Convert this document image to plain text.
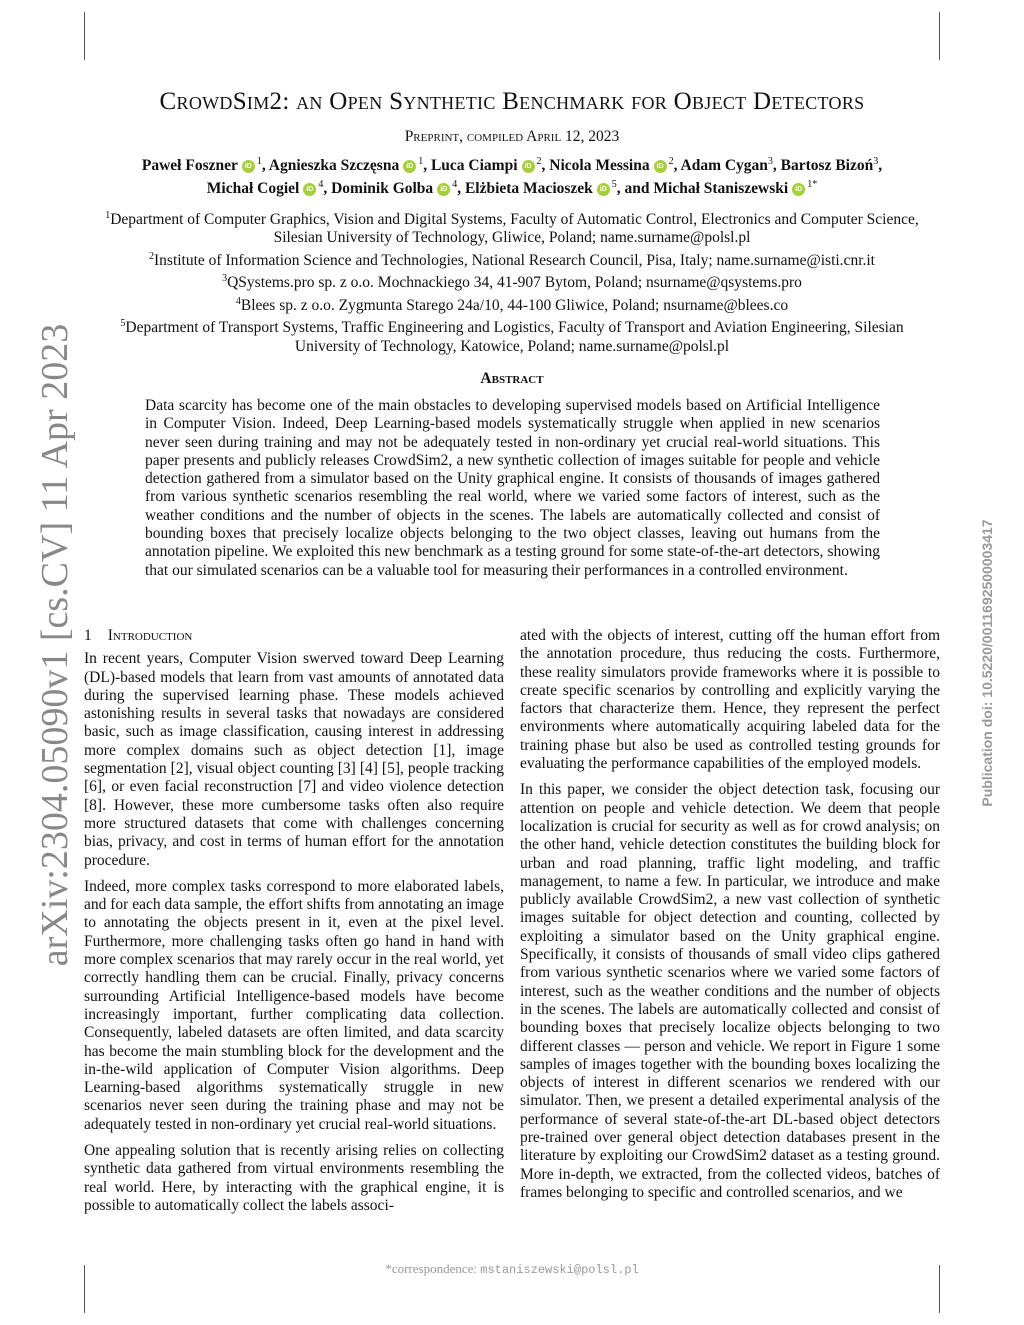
arXiv:2304.05090v1 [cs.CV] 11 Apr 2023	Publication doi: 10.5220/0011692500003417
CrowdSim2: an Open Synthetic Benchmark for Object Detectors
Preprint, compiled April 12, 2023
Paweł Foszner iD $^1$, Agnieszka Szczęsna iD $^1$, Luca Ciampi iD $^2$, Nicola Messina iD $^2$, Adam Cygan$^3$, Bartosz Bizoń$^3$,
Michał Cogiel iD $^4$, Dominik Golba iD $^4$, Elżbieta Macioszek iD $^5$, and Michał Staniszewski iD $^{1*}$
$^1$Department of Computer Graphics, Vision and Digital Systems, Faculty of Automatic Control, Electronics and Computer Science, Silesian University of Technology, Gliwice, Poland; name.surname@polsl.pl
$^2$Institute of Information Science and Technologies, National Research Council, Pisa, Italy; name.surname@isti.cnr.it
$^3$QSystems.pro sp. z o.o. Mochnackiego 34, 41-907 Bytom, Poland; nsurname@qsystems.pro
$^4$Blees sp. z o.o. Zygmunta Starego 24a/10, 44-100 Gliwice, Poland; nsurname@blees.co
$^5$Department of Transport Systems, Traffic Engineering and Logistics, Faculty of Transport and Aviation Engineering, Silesian University of Technology, Katowice, Poland; name.surname@polsl.pl
Abstract
Data scarcity has become one of the main obstacles to developing supervised models based on Artificial Intelligence in Computer Vision. Indeed, Deep Learning-based models systematically struggle when applied in new scenarios never seen during training and may not be adequately tested in non-ordinary yet crucial real-world situations. This paper presents and publicly releases CrowdSim2, a new synthetic collection of images suitable for people and vehicle detection gathered from a simulator based on the Unity graphical engine. It consists of thousands of images gathered from various synthetic scenarios resembling the real world, where we varied some factors of interest, such as the weather conditions and the number of objects in the scenes. The labels are automatically collected and consist of bounding boxes that precisely localize objects belonging to the two object classes, leaving out humans from the annotation pipeline. We exploited this new benchmark as a testing ground for some state-of-the-art detectors, showing that our simulated scenarios can be a valuable tool for measuring their performances in a controlled environment.
1 Introduction

In recent years, Computer Vision swerved toward Deep Learning (DL)-based models that learn from vast amounts of annotated data during the supervised learning phase. These models achieved astonishing results in several tasks that nowadays are considered basic, such as image classification, causing interest in addressing more complex domains such as object detection [1], image segmentation [2], visual object counting [3] [4] [5], people tracking [6], or even facial reconstruction [7] and video violence detection [8]. However, these more cumbersome tasks often also require more structured datasets that come with challenges concerning bias, privacy, and cost in terms of human effort for the annotation procedure.

Indeed, more complex tasks correspond to more elaborated labels, and for each data sample, the effort shifts from annotating an image to annotating the objects present in it, even at the pixel level. Furthermore, more challenging tasks often go hand in hand with more complex scenarios that may rarely occur in the real world, yet correctly handling them can be crucial. Finally, privacy concerns surrounding Artificial Intelligence-based models have become increasingly important, further complicating data collection. Consequently, labeled datasets are often limited, and data scarcity has become the main stumbling block for the development and the in-the-wild application of Computer Vision algorithms. Deep Learning-based algorithms systematically struggle in new scenarios never seen during the training phase and may not be adequately tested in non-ordinary yet crucial real-world situations.

One appealing solution that is recently arising relies on collecting synthetic data gathered from virtual environments resembling the real world. Here, by interacting with the graphical engine, it is possible to automatically collect the labels associ-

ated with the objects of interest, cutting off the human effort from the annotation procedure, thus reducing the costs. Furthermore, these reality simulators provide frameworks where it is possible to create specific scenarios by controlling and explicitly varying the factors that characterize them. Hence, they represent the perfect environments where automatically acquiring labeled data for the training phase but also be used as controlled testing grounds for evaluating the performance capabilities of the employed models.

In this paper, we consider the object detection task, focusing our attention on people and vehicle detection. We deem that people localization is crucial for security as well as for crowd analysis; on the other hand, vehicle detection constitutes the building block for urban and road planning, traffic light modeling, and traffic management, to name a few. In particular, we introduce and make publicly available CrowdSim2, a new vast collection of synthetic images suitable for object detection and counting, collected by exploiting a simulator based on the Unity graphical engine. Specifically, it consists of thousands of small video clips gathered from various synthetic scenarios where we varied some factors of interest, such as the weather conditions and the number of objects in the scenes. The labels are automatically collected and consist of bounding boxes that precisely localize objects belonging to two different classes — person and vehicle. We report in Figure 1 some samples of images together with the bounding boxes localizing the objects of interest in different scenarios we rendered with our simulator. Then, we present a detailed experimental analysis of the performance of several state-of-the-art DL-based object detectors pre-trained over general object detection databases present in the literature by exploiting our CrowdSim2 dataset as a testing ground. More in-depth, we extracted, from the collected videos, batches of frames belonging to specific and controlled scenarios, and we

*correspondence: mstaniszewski@polsl.pl
